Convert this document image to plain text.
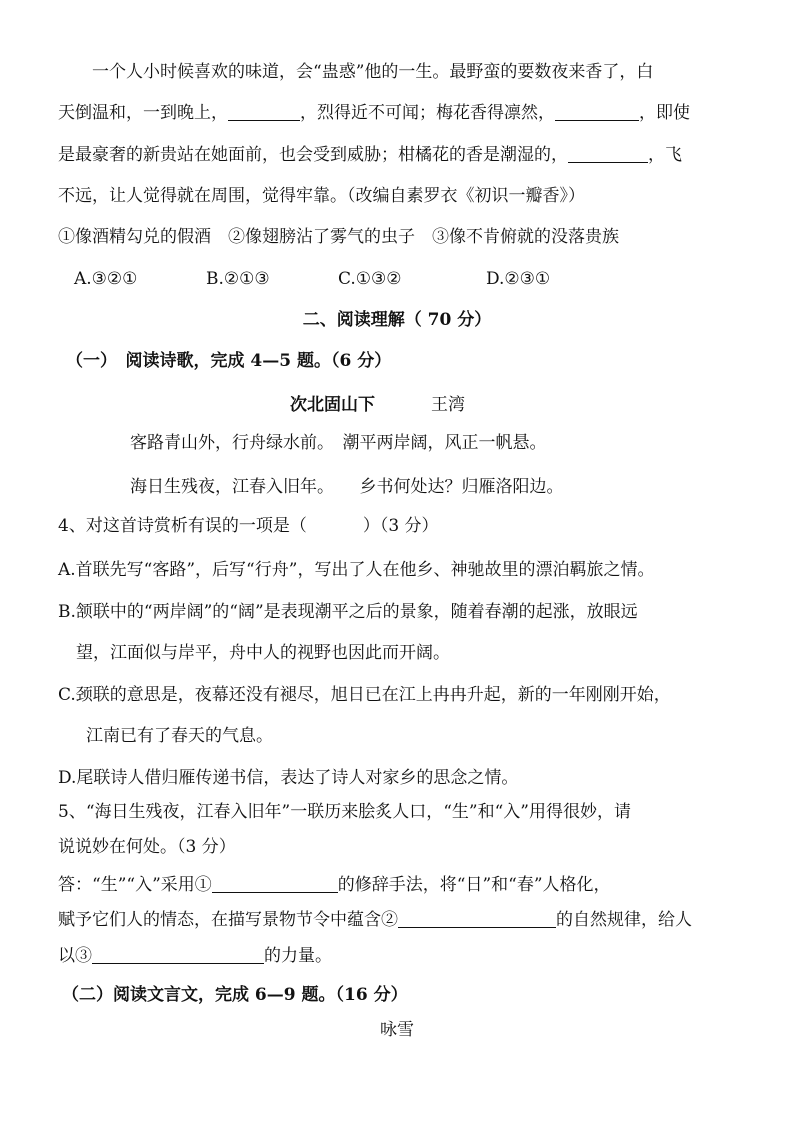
一个人小时候喜欢的味道，会“蛊惑”他的一生。最野蛮的要数夜来香了，白
天倒温和，一到晚上，	，烈得近不可闻；梅花香得凛然，	，即使
是最豪奢的新贵站在她面前，也会受到威胁；柑橘花的香是潮湿的，	，飞
不远，让人觉得就在周围，觉得牢靠。（改编自素罗衣《初识一瓣香》）
①像酒精勾兑的假酒　②像翅膀沾了雾气的虫子　③像不肯俯就的没落贵族
A.③②①	B.②①③	C.①③②	D.②③①
二、阅读理解（ 70 分）
（一）　阅读诗歌，完成 4—5 题。（6 分）
次北固山下	王湾
客路青山外，行舟绿水前。　潮平两岸阔，风正一帆悬。
海日生残夜，江春入旧年。　　乡书何处达？归雁洛阳边。
4、对这首诗赏析有误的一项是（	）（3 分）
A.首联先写“客路”，后写“行舟”，写出了人在他乡、神驰故里的漂泊羁旅之情。
B.颔联中的“两岸阔”的“阔”是表现潮平之后的景象，随着春潮的起涨，放眼远
望，江面似与岸平，舟中人的视野也因此而开阔。
C.颈联的意思是，夜幕还没有褪尽，旭日已在江上冉冉升起，新的一年刚刚开始，
江南已有了春天的气息。
D.尾联诗人借归雁传递书信，表达了诗人对家乡的思念之情。
5、“海日生残夜，江春入旧年”一联历来脍炙人口，“生”和“入”用得很妙，请
说说妙在何处。（3 分）
答：“生”“入”采用①	的修辞手法，将“日”和“春”人格化，
赋予它们人的情态，在描写景物节令中蕴含②	的自然规律，给人
以③	的力量。
（二）阅读文言文，完成 6—9 题。（16 分）
咏雪
